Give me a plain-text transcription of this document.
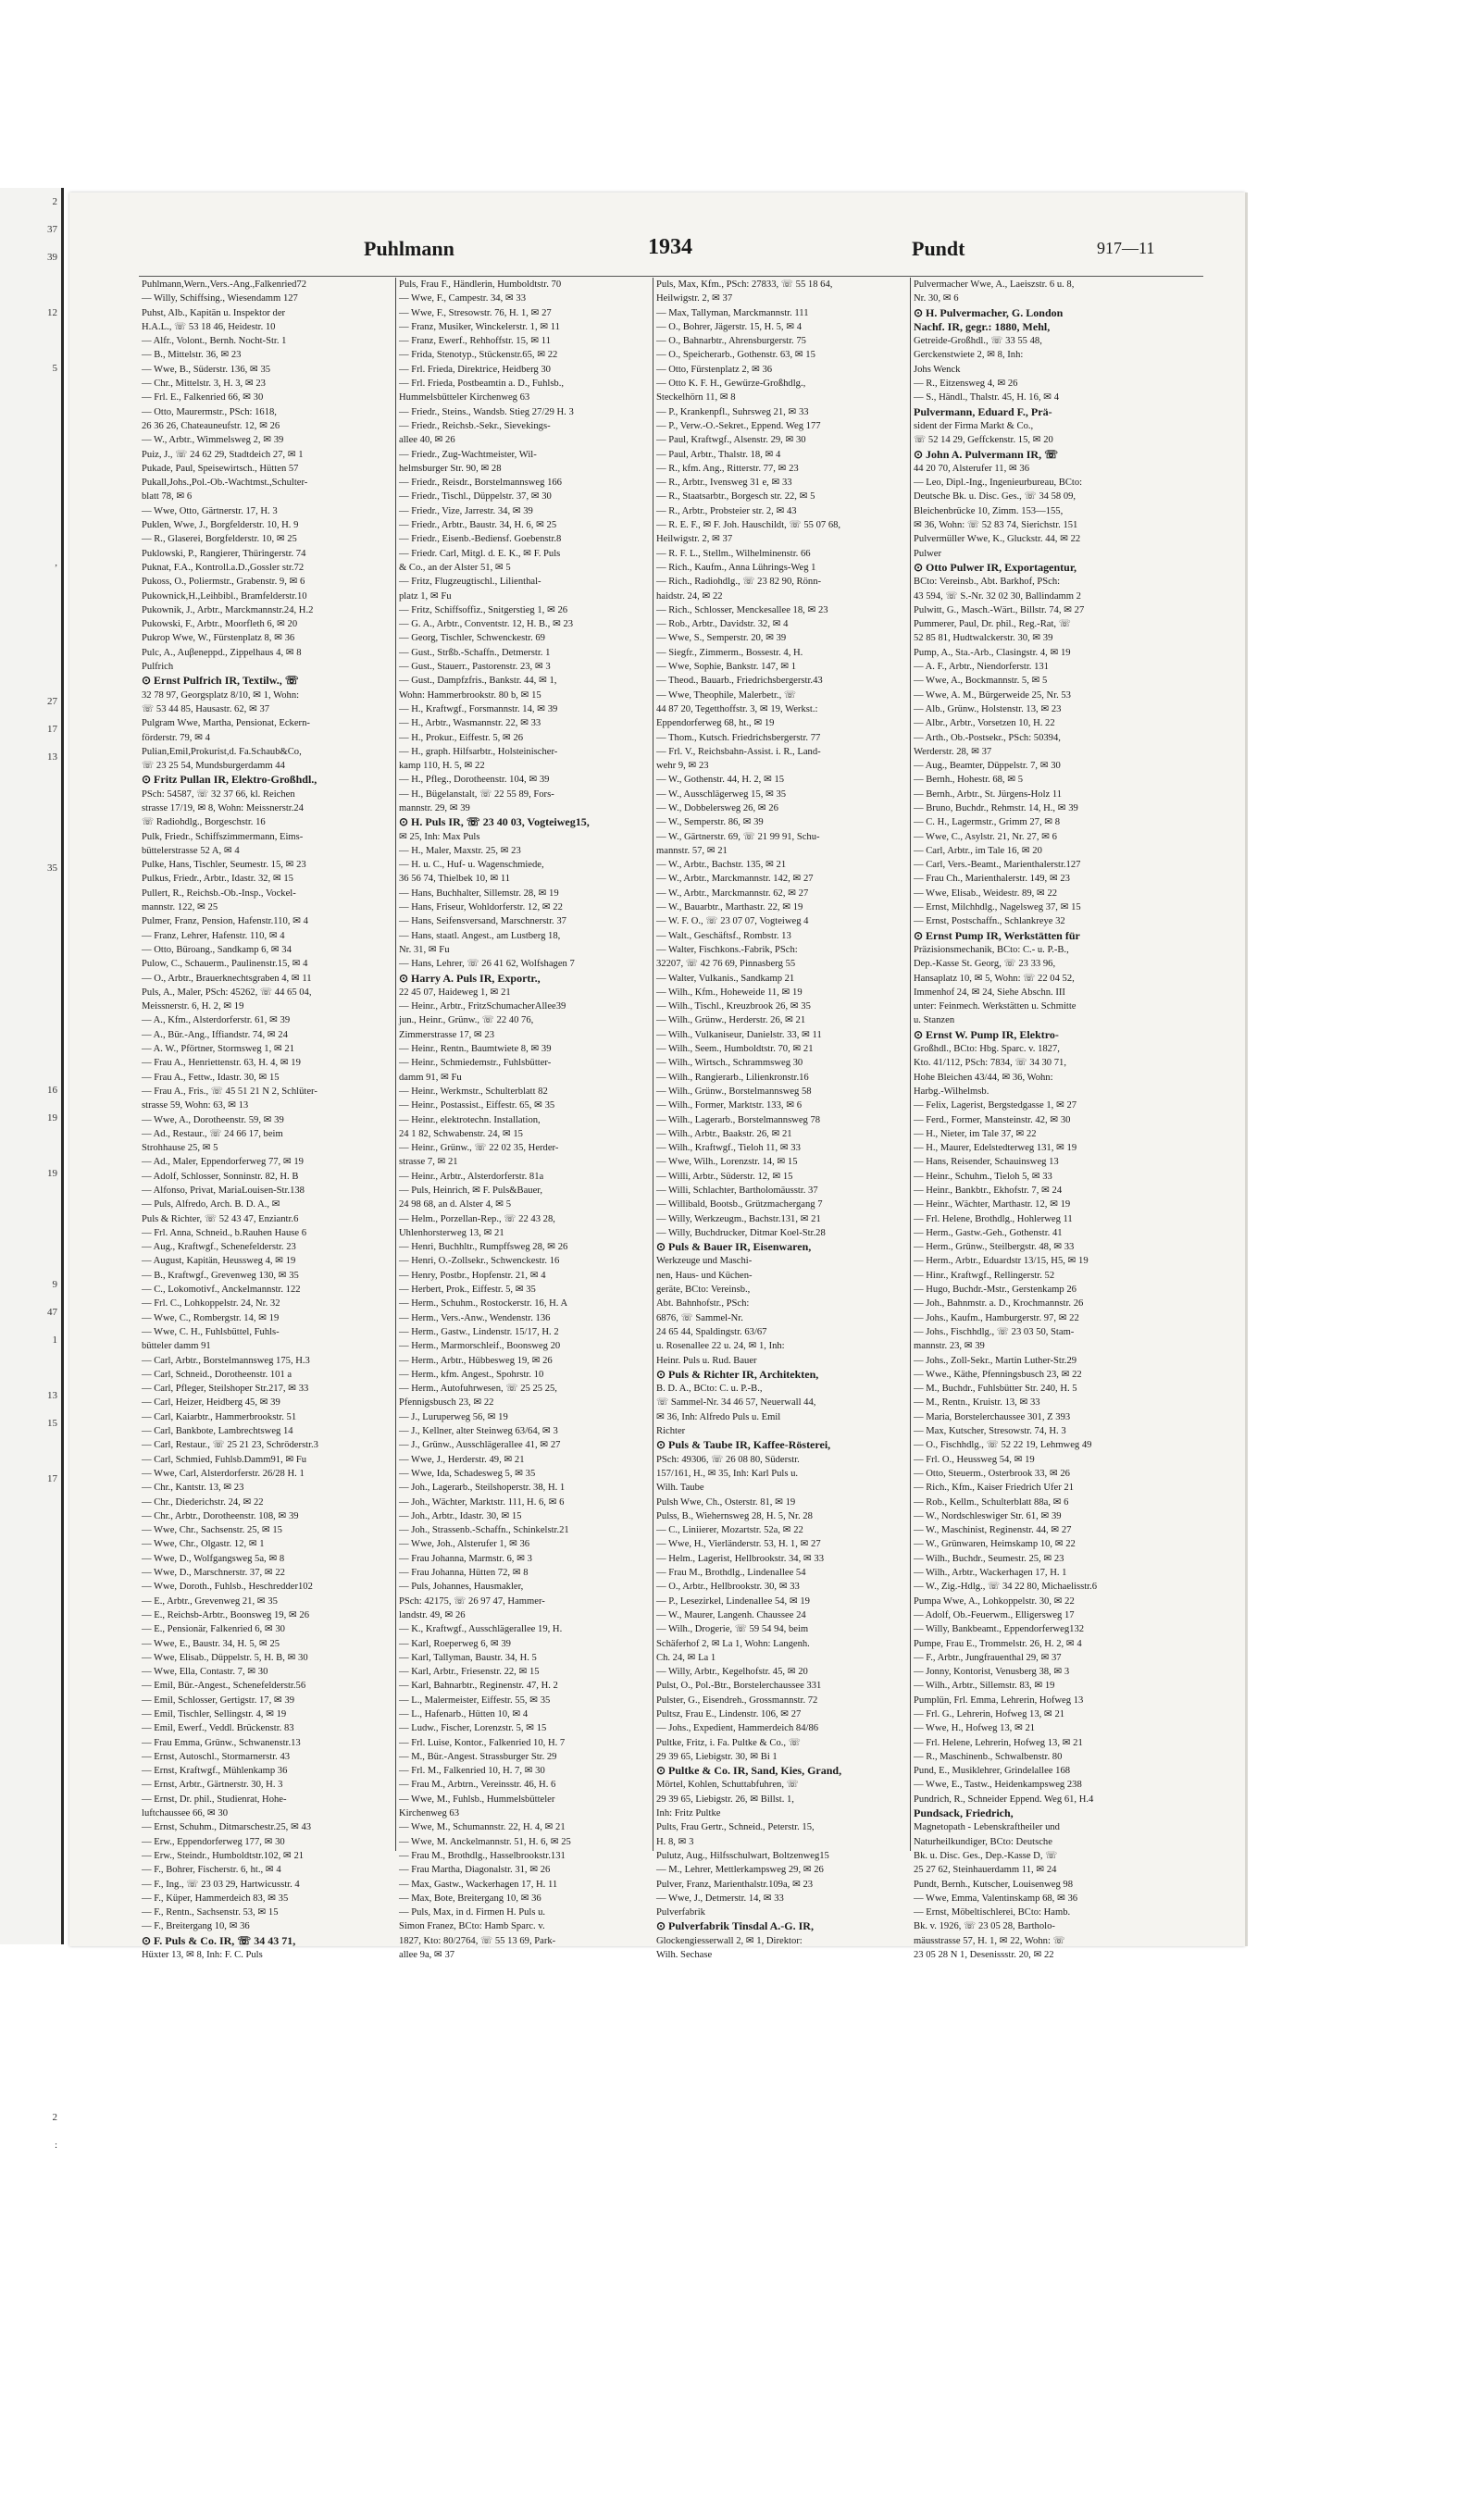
2
37
39

12

5

,

27
17
13

35

16
19

19

9
47
1

13
15

17

2
:

Puhlmann	1934	Pundt	917—11
Puhlmann,Wern.,Vers.-Ang.,Falkenried72
— Willy, Schiffsing., Wiesendamm 127
Puhst, Alb., Kapitän u. Inspektor der
H.A.L., ☏ 53 18 46, Heidestr. 10
— Alfr., Volont., Bernh. Nocht-Str. 1
— B., Mittelstr. 36, ✉ 23
— Wwe, B., Süderstr. 136, ✉ 35
— Chr., Mittelstr. 3, H. 3, ✉ 23
— Frl. E., Falkenried 66, ✉ 30
— Otto, Maurermstr., PSch: 1618,
26 36 26, Chateauneufstr. 12, ✉ 26
— W., Arbtr., Wimmelsweg 2, ✉ 39
Puiz, J., ☏ 24 62 29, Stadtdeich 27, ✉ 1
Pukade, Paul, Speisewirtsch., Hütten 57
Pukall,Johs.,Pol.-Ob.-Wachtmst.,Schulter-
blatt 78, ✉ 6
— Wwe, Otto, Gärtnerstr. 17, H. 3
Puklen, Wwe, J., Borgfelderstr. 10, H. 9
— R., Glaserei, Borgfelderstr. 10, ✉ 25
Puklowski, P., Rangierer, Thüringerstr. 74
Puknat, F.A., Kontroll.a.D.,Gossler str.72
Pukoss, O., Poliermstr., Grabenstr. 9, ✉ 6
Pukownick,H.,Leihbibl., Bramfelderstr.10
Pukownik, J., Arbtr., Marckmannstr.24, H.2
Pukowski, F., Arbtr., Moorfleth 6, ✉ 20
Pukrop Wwe, W., Fürstenplatz 8, ✉ 36
Pulc, A., Auβeneppd., Zippelhaus 4, ✉ 8
Pulfrich
⊙ Ernst Pulfrich IR, Textilw., ☏
32 78 97, Georgsplatz 8/10, ✉ 1, Wohn:
☏ 53 44 85, Hausastr. 62, ✉ 37
Pulgram Wwe, Martha, Pensionat, Eckern-
förderstr. 79, ✉ 4
Pulian,Emil,Prokurist,d. Fa.Schaub&Co,
☏ 23 25 54, Mundsburgerdamm 44
⊙ Fritz Pullan IR, Elektro-Großhdl.,
PSch: 54587, ☏ 32 37 66, kl. Reichen
strasse 17/19, ✉ 8, Wohn: Meissnerstr.24
☏ Radiohdlg., Borgeschstr. 16
Pulk, Friedr., Schiffszimmermann, Eims-
büttelerstrasse 52 A, ✉ 4
Pulke, Hans, Tischler, Seumestr. 15, ✉ 23
Pulkus, Friedr., Arbtr., Idastr. 32, ✉ 15
Pullert, R., Reichsb.-Ob.-Insp., Vockel-
mannstr. 122, ✉ 25
Pulmer, Franz, Pension, Hafenstr.110, ✉ 4
— Franz, Lehrer, Hafenstr. 110, ✉ 4
— Otto, Büroang., Sandkamp 6, ✉ 34
Pulow, C., Schauerm., Paulinenstr.15, ✉ 4
— O., Arbtr., Brauerknechtsgraben 4, ✉ 11
Puls, A., Maler, PSch: 45262, ☏ 44 65 04,
Meissnerstr. 6, H. 2, ✉ 19
— A., Kfm., Alsterdorferstr. 61, ✉ 39
— A., Bür.-Ang., Iffiandstr. 74, ✉ 24
— A. W., Pförtner, Stormsweg 1, ✉ 21
— Frau A., Henriettenstr. 63, H. 4, ✉ 19
— Frau A., Fettw., Idastr. 30, ✉ 15
— Frau A., Fris., ☏ 45 51 21 N 2, Schlüter-
strasse 59, Wohn: 63, ✉ 13
— Wwe, A., Dorotheenstr. 59, ✉ 39
— Ad., Restaur., ☏ 24 66 17, beim
Strohhause 25, ✉ 5
— Ad., Maler, Eppendorferweg 77, ✉ 19
— Adolf, Schlosser, Sonninstr. 82, H. B
— Alfonso, Privat, MariaLouisen-Str.138
— Puls, Alfredo, Arch. B. D. A., ✉
Puls & Richter, ☏ 52 43 47, Enziantr.6
— Frl. Anna, Schneid., b.Rauhen Hause 6
— Aug., Kraftwgf., Schenefelderstr. 23
— August, Kapitän, Heussweg 4, ✉ 19
— B., Kraftwgf., Grevenweg 130, ✉ 35
— C., Lokomotivf., Anckelmannstr. 122
— Frl. C., Lohkoppelstr. 24, Nr. 32
— Wwe, C., Rombergstr. 14, ✉ 19
— Wwe, C. H., Fuhlsbüttel, Fuhls-
bütteler damm 91
— Carl, Arbtr., Borstelmannsweg 175, H.3
— Carl, Schneid., Dorotheenstr. 101 a
— Carl, Pfleger, Steilshoper Str.217, ✉ 33
— Carl, Heizer, Heidberg 45, ✉ 39
— Carl, Kaiarbtr., Hammerbrookstr. 51
— Carl, Bankbote, Lambrechtsweg 14
— Carl, Restaur., ☏ 25 21 23, Schröderstr.3
— Carl, Schmied, Fuhlsb.Damm91, ✉ Fu
— Wwe, Carl, Alsterdorferstr. 26/28 H. 1
— Chr., Kantstr. 13, ✉ 23
— Chr., Diederichstr. 24, ✉ 22
— Chr., Arbtr., Dorotheenstr. 108, ✉ 39
— Wwe, Chr., Sachsenstr. 25, ✉ 15
— Wwe, Chr., Olgastr. 12, ✉ 1
— Wwe, D., Wolfgangsweg 5a, ✉ 8
— Wwe, D., Marschnerstr. 37, ✉ 22
— Wwe, Doroth., Fuhlsb., Heschredder102
— E., Arbtr., Grevenweg 21, ✉ 35
— E., Reichsb-Arbtr., Boonsweg 19, ✉ 26
— E., Pensionär, Falkenried 6, ✉ 30
— Wwe, E., Baustr. 34, H. 5, ✉ 25
— Wwe, Elisab., Düppelstr. 5, H. B, ✉ 30
— Wwe, Ella, Contastr. 7, ✉ 30
— Emil, Bür.-Angest., Schenefelderstr.56
— Emil, Schlosser, Gertigstr. 17, ✉ 39
— Emil, Tischler, Sellingstr. 4, ✉ 19
— Emil, Ewerf., Veddl. Brückenstr. 83
— Frau Emma, Grünw., Schwanenstr.13
— Ernst, Autoschl., Stormarnerstr. 43
— Ernst, Kraftwgf., Mühlenkamp 36
— Ernst, Arbtr., Gärtnerstr. 30, H. 3
— Ernst, Dr. phil., Studienrat, Hohe-
luftchaussee 66, ✉ 30
— Ernst, Schuhm., Ditmarschestr.25, ✉ 43
— Erw., Eppendorferweg 177, ✉ 30
— Erw., Steindr., Humboldtstr.102, ✉ 21
— F., Bohrer, Fischerstr. 6, ht., ✉ 4
— F., Ing., ☏ 23 03 29, Hartwicusstr. 4
— F., Küper, Hammerdeich 83, ✉ 35
— F., Rentn., Sachsenstr. 53, ✉ 15
— F., Breitergang 10, ✉ 36
⊙ F. Puls & Co. IR, ☏ 34 43 71,
Hüxter 13, ✉ 8, Inh: F. C. Puls
Puls, Frau F., Händlerin, Humboldtstr. 70
— Wwe, F., Campestr. 34, ✉ 33
— Wwe, F., Stresowstr. 76, H. 1, ✉ 27
— Franz, Musiker, Winckelerstr. 1, ✉ 11
— Franz, Ewerf., Rehhoffstr. 15, ✉ 11
— Frida, Stenotyp., Stückenstr.65, ✉ 22
— Frl. Frieda, Direktrice, Heidberg 30
— Frl. Frieda, Postbeamtin a. D., Fuhlsb.,
Hummelsbütteler Kirchenweg 63
— Friedr., Steins., Wandsb. Stieg 27/29 H. 3
— Friedr., Reichsb.-Sekr., Sievekings-
allee 40, ✉ 26
— Friedr., Zug-Wachtmeister, Wil-
helmsburger Str. 90, ✉ 28
— Friedr., Reisdr., Borstelmannsweg 166
— Friedr., Tischl., Düppelstr. 37, ✉ 30
— Friedr., Vize, Jarrestr. 34, ✉ 39
— Friedr., Arbtr., Baustr. 34, H. 6, ✉ 25
— Friedr., Eisenb.-Bediensf. Goebenstr.8
— Friedr. Carl, Mitgl. d. E. K., ✉ F. Puls
& Co., an der Alster 51, ✉ 5
— Fritz, Flugzeugtischl., Lilienthal-
platz 1, ✉ Fu
— Fritz, Schiffsoffiz., Snitgerstieg 1, ✉ 26
— G. A., Arbtr., Conventstr. 12, H. B., ✉ 23
— Georg, Tischler, Schwenckestr. 69
— Gust., Strßb.-Schaffn., Detmerstr. 1
— Gust., Stauerr., Pastorenstr. 23, ✉ 3
— Gust., Dampfzfris., Bankstr. 44, ✉ 1,
Wohn: Hammerbrookstr. 80 b, ✉ 15
— H., Kraftwgf., Forsmannstr. 14, ✉ 39
— H., Arbtr., Wasmannstr. 22, ✉ 33
— H., Prokur., Eiffestr. 5, ✉ 26
— H., graph. Hilfsarbtr., Holsteinischer-
kamp 110, H. 5, ✉ 22
— H., Pfleg., Dorotheenstr. 104, ✉ 39
— H., Bügelanstalt, ☏ 22 55 89, Fors-
mannstr. 29, ✉ 39
⊙ H. Puls IR, ☏ 23 40 03, Vogteiweg15,
✉ 25, Inh: Max Puls
— H., Maler, Maxstr. 25, ✉ 23
— H. u. C., Huf- u. Wagenschmiede,
36 56 74, Thielbek 10, ✉ 11
— Hans, Buchhalter, Sillemstr. 28, ✉ 19
— Hans, Friseur, Wohldorferstr. 12, ✉ 22
— Hans, Seifensversand, Marschnerstr. 37
— Hans, staatl. Angest., am Lustberg 18,
Nr. 31, ✉ Fu
— Hans, Lehrer, ☏ 26 41 62, Wolfshagen 7
⊙ Harry A. Puls IR, Exportr.,
22 45 07, Haideweg 1, ✉ 21
— Heinr., Arbtr., FritzSchumacherAllee39
jun., Heinr., Grünw., ☏ 22 40 76,
Zimmerstrasse 17, ✉ 23
— Heinr., Rentn., Baumtwiete 8, ✉ 39
— Heinr., Schmiedemstr., Fuhlsbütter-
damm 91, ✉ Fu
— Heinr., Werkmstr., Schulterblatt 82
— Heinr., Postassist., Eiffestr. 65, ✉ 35
— Heinr., elektrotechn. Installation,
24 1 82, Schwabenstr. 24, ✉ 15
— Heinr., Grünw., ☏ 22 02 35, Herder-
strasse 7, ✉ 21
— Heinr., Arbtr., Alsterdorferstr. 81a
— Puls, Heinrich, ✉ F. Puls&Bauer,
24 98 68, an d. Alster 4, ✉ 5
— Helm., Porzellan-Rep., ☏ 22 43 28,
Uhlenhorsterweg 13, ✉ 21
— Henri, Buchhltr., Rumpffsweg 28, ✉ 26
— Henri, O.-Zollsekr., Schwenckestr. 16
— Henry, Postbr., Hopfenstr. 21, ✉ 4
— Herbert, Prok., Eiffestr. 5, ✉ 35
— Herm., Schuhm., Rostockerstr. 16, H. A
— Herm., Vers.-Anw., Wendenstr. 136
— Herm., Gastw., Lindenstr. 15/17, H. 2
— Herm., Marmorschleif., Boonsweg 20
— Herm., Arbtr., Hübbesweg 19, ✉ 26
— Herm., kfm. Angest., Spohrstr. 10
— Herm., Autofuhrwesen, ☏ 25 25 25,
Pfennigsbusch 23, ✉ 22
— J., Luruperweg 56, ✉ 19
— J., Kellner, alter Steinweg 63/64, ✉ 3
— J., Grünw., Ausschlägerallee 41, ✉ 27
— Wwe, J., Herderstr. 49, ✉ 21
— Wwe, Ida, Schadesweg 5, ✉ 35
— Joh., Lagerarb., Steilshoperstr. 38, H. 1
— Joh., Wächter, Marktstr. 111, H. 6, ✉ 6
— Joh., Arbtr., Idastr. 30, ✉ 15
— Joh., Strassenb.-Schaffn., Schinkelstr.21
— Wwe, Joh., Alsterufer 1, ✉ 36
— Frau Johanna, Marmstr. 6, ✉ 3
— Frau Johanna, Hütten 72, ✉ 8
— Puls, Johannes, Hausmakler,
PSch: 42175, ☏ 26 97 47, Hammer-
landstr. 49, ✉ 26
— K., Kraftwgf., Ausschlägerallee 19, H.
— Karl, Roeperweg 6, ✉ 39
— Karl, Tallyman, Baustr. 34, H. 5
— Karl, Arbtr., Friesenstr. 22, ✉ 15
— Karl, Bahnarbtr., Reginenstr. 47, H. 2
— L., Malermeister, Eiffestr. 55, ✉ 35
— L., Hafenarb., Hütten 10, ✉ 4
— Ludw., Fischer, Lorenzstr. 5, ✉ 15
— Frl. Luise, Kontor., Falkenried 10, H. 7
— M., Bür.-Angest. Strassburger Str. 29
— Frl. M., Falkenried 10, H. 7, ✉ 30
— Frau M., Arbtrn., Vereinsstr. 46, H. 6
— Wwe, M., Fuhlsb., Hummelsbütteler
Kirchenweg 63
— Wwe, M., Schumannstr. 22, H. 4, ✉ 21
— Wwe, M. Anckelmannstr. 51, H. 6, ✉ 25
— Frau M., Brothdlg., Hasselbrookstr.131
— Frau Martha, Diagonalstr. 31, ✉ 26
— Max, Gastw., Wackerhagen 17, H. 11
— Max, Bote, Breitergang 10, ✉ 36
— Puls, Max, in d. Firmen H. Puls u.
Simon Franez, BCto: Hamb Sparc. v.
1827, Kto: 80/2764, ☏ 55 13 69, Park-
allee 9a, ✉ 37
Puls, Max, Kfm., PSch: 27833, ☏ 55 18 64,
Heilwigstr. 2, ✉ 37
— Max, Tallyman, Marckmannstr. 111
— O., Bohrer, Jägerstr. 15, H. 5, ✉ 4
— O., Bahnarbtr., Ahrensburgerstr. 75
— O., Speicherarb., Gothenstr. 63, ✉ 15
— Otto, Fürstenplatz 2, ✉ 36
— Otto K. F. H., Gewürze-Großhdlg.,
Steckelhörn 11, ✉ 8
— P., Krankenpfl., Suhrsweg 21, ✉ 33
— P., Verw.-O.-Sekret., Eppend. Weg 177
— Paul, Kraftwgf., Alsenstr. 29, ✉ 30
— Paul, Arbtr., Thalstr. 18, ✉ 4
— R., kfm. Ang., Ritterstr. 77, ✉ 23
— R., Arbtr., Ivensweg 31 e, ✉ 33
— R., Staatsarbtr., Borgesch str. 22, ✉ 5
— R., Arbtr., Probsteier str. 2, ✉ 43
— R. E. F., ✉ F. Joh. Hauschildt, ☏ 55 07 68,
Heilwigstr. 2, ✉ 37
— R. F. L., Stellm., Wilhelminenstr. 66
— Rich., Kaufm., Anna Lührings-Weg 1
— Rich., Radiohdlg., ☏ 23 82 90, Rönn-
haidstr. 24, ✉ 22
— Rich., Schlosser, Menckesallee 18, ✉ 23
— Rob., Arbtr., Davidstr. 32, ✉ 4
— Wwe, S., Semperstr. 20, ✉ 39
— Siegfr., Zimmerm., Bossestr. 4, H.
— Wwe, Sophie, Bankstr. 147, ✉ 1
— Theod., Bauarb., Friedrichsbergerstr.43
— Wwe, Theophile, Malerbetr., ☏
44 87 20, Tegetthoffstr. 3, ✉ 19, Werkst.:
Eppendorferweg 68, ht., ✉ 19
— Thom., Kutsch. Friedrichsbergerstr. 77
— Frl. V., Reichsbahn-Assist. i. R., Land-
wehr 9, ✉ 23
— W., Gothenstr. 44, H. 2, ✉ 15
— W., Ausschlägerweg 15, ✉ 35
— W., Dobbelersweg 26, ✉ 26
— W., Semperstr. 86, ✉ 39
— W., Gärtnerstr. 69, ☏ 21 99 91, Schu-
mannstr. 57, ✉ 21
— W., Arbtr., Bachstr. 135, ✉ 21
— W., Arbtr., Marckmannstr. 142, ✉ 27
— W., Arbtr., Marckmannstr. 62, ✉ 27
— W., Bauarbtr., Marthastr. 22, ✉ 19
— W. F. O., ☏ 23 07 07, Vogteiweg 4
— Walt., Geschäftsf., Rombstr. 13
— Walter, Fischkons.-Fabrik, PSch:
32207, ☏ 42 76 69, Pinnasberg 55
— Walter, Vulkanis., Sandkamp 21
— Wilh., Kfm., Hoheweide 11, ✉ 19
— Wilh., Tischl., Kreuzbrook 26, ✉ 35
— Wilh., Grünw., Herderstr. 26, ✉ 21
— Wilh., Vulkaniseur, Danielstr. 33, ✉ 11
— Wilh., Seem., Humboldtstr. 70, ✉ 21
— Wilh., Wirtsch., Schrammsweg 30
— Wilh., Rangierarb., Lilienkronstr.16
— Wilh., Grünw., Borstelmannsweg 58
— Wilh., Former, Marktstr. 133, ✉ 6
— Wilh., Lagerarb., Borstelmannsweg 78
— Wilh., Arbtr., Baakstr. 26, ✉ 21
— Wilh., Kraftwgf., Tieloh 11, ✉ 33
— Wwe, Wilh., Lorenzstr. 14, ✉ 15
— Willi, Arbtr., Süderstr. 12, ✉ 15
— Willi, Schlachter, Bartholomäusstr. 37
— Willibald, Bootsb., Grützmachergang 7
— Willy, Werkzeugm., Bachstr.131, ✉ 21
— Willy, Buchdrucker, Ditmar Koel-Str.28
⊙ Puls & Bauer IR, Eisenwaren,
Werkzeuge und Maschi-
nen, Haus- und Küchen-
geräte, BCto: Vereinsb.,
Abt. Bahnhofstr., PSch:
6876, ☏ Sammel-Nr.
24 65 44, Spaldingstr. 63/67
u. Rosenallee 22 u. 24, ✉ 1, Inh:
Heinr. Puls u. Rud. Bauer
⊙ Puls & Richter IR, Architekten,
B. D. A., BCto: C. u. P.-B.,
☏ Sammel-Nr. 34 46 57, Neuerwall 44,
✉ 36, Inh: Alfredo Puls u. Emil
Richter
⊙ Puls & Taube IR, Kaffee-Rösterei,
PSch: 49306, ☏ 26 08 80, Süderstr.
157/161, H., ✉ 35, Inh: Karl Puls u.
Wilh. Taube
Pulsh Wwe, Ch., Osterstr. 81, ✉ 19
Pulss, B., Wiehernsweg 28, H. 5, Nr. 28
— C., Liniierer, Mozartstr. 52a, ✉ 22
— Wwe, H., Vierländerstr. 53, H. 1, ✉ 27
— Helm., Lagerist, Hellbrookstr. 34, ✉ 33
— Frau M., Brothdlg., Lindenallee 54
— O., Arbtr., Hellbrookstr. 30, ✉ 33
— P., Lesezirkel, Lindenallee 54, ✉ 19
— W., Maurer, Langenh. Chaussee 24
— Wilh., Drogerie, ☏ 59 54 94, beim
Schäferhof 2, ✉ La 1, Wohn: Langenh.
Ch. 24, ✉ La 1
— Willy, Arbtr., Kegelhofstr. 45, ✉ 20
Pulst, O., Pol.-Btr., Borstelerchaussee 331
Pulster, G., Eisendreh., Grossmannstr. 72
Pultsz, Frau E., Lindenstr. 106, ✉ 27
— Johs., Expedient, Hammerdeich 84/86
Pultke, Fritz, i. Fa. Pultke & Co., ☏
29 39 65, Liebigstr. 30, ✉ Bi 1
⊙ Pultke & Co. IR, Sand, Kies, Grand,
Mörtel, Kohlen, Schuttabfuhren, ☏
29 39 65, Liebigstr. 26, ✉ Billst. 1,
Inh: Fritz Pultke
Pults, Frau Gertr., Schneid., Peterstr. 15,
H. 8, ✉ 3
Pulutz, Aug., Hilfsschulwart, Boltzenweg15
— M., Lehrer, Mettlerkampsweg 29, ✉ 26
Pulver, Franz, Marienthalstr.109a, ✉ 23
— Wwe, J., Detmerstr. 14, ✉ 33
Pulverfabrik
⊙ Pulverfabrik Tinsdal A.-G. IR,
Glockengiesserwall 2, ✉ 1, Direktor:
Wilh. Sechase
Pulvermacher Wwe, A., Laeiszstr. 6 u. 8,
Nr. 30, ✉ 6
⊙ H. Pulvermacher, G. London
Nachf. IR, gegr.: 1880, Mehl,
Getreide-Großhdl., ☏ 33 55 48,
Gerckenstwiete 2, ✉ 8, Inh:
Johs Wenck
— R., Eitzensweg 4, ✉ 26
— S., Händl., Thalstr. 45, H. 16, ✉ 4
Pulvermann, Eduard F., Prä-
sident der Firma Markt & Co.,
☏ 52 14 29, Geffckenstr. 15, ✉ 20
⊙ John A. Pulvermann IR, ☏
44 20 70, Alsterufer 11, ✉ 36
— Leo, Dipl.-Ing., Ingenieurbureau, BCto:
Deutsche Bk. u. Disc. Ges., ☏ 34 58 09,
Bleichenbrücke 10, Zimm. 153—155,
✉ 36, Wohn: ☏ 52 83 74, Sierichstr. 151
Pulvermüller Wwe, K., Gluckstr. 44, ✉ 22
Pulwer
⊙ Otto Pulwer IR, Exportagentur,
BCto: Vereinsb., Abt. Barkhof, PSch:
43 594, ☏ S.-Nr. 32 02 30, Ballindamm 2
Pulwitt, G., Masch.-Wärt., Billstr. 74, ✉ 27
Pummerer, Paul, Dr. phil., Reg.-Rat, ☏
52 85 81, Hudtwalckerstr. 30, ✉ 39
Pump, A., Sta.-Arb., Clasingstr. 4, ✉ 19
— A. F., Arbtr., Niendorferstr. 131
— Wwe, A., Bockmannstr. 5, ✉ 5
— Wwe, A. M., Bürgerweide 25, Nr. 53
— Alb., Grünw., Holstenstr. 13, ✉ 23
— Albr., Arbtr., Vorsetzen 10, H. 22
— Arth., Ob.-Postsekr., PSch: 50394,
Werderstr. 28, ✉ 37
— Aug., Beamter, Düppelstr. 7, ✉ 30
— Bernh., Hohestr. 68, ✉ 5
— Bernh., Arbtr., St. Jürgens-Holz 11
— Bruno, Buchdr., Rehmstr. 14, H., ✉ 39
— C. H., Lagermstr., Grimm 27, ✉ 8
— Wwe, C., Asylstr. 21, Nr. 27, ✉ 6
— Carl, Arbtr., im Tale 16, ✉ 20
— Carl, Vers.-Beamt., Marienthalerstr.127
— Frau Ch., Marienthalerstr. 149, ✉ 23
— Wwe, Elisab., Weidestr. 89, ✉ 22
— Ernst, Milchhdlg., Nagelsweg 37, ✉ 15
— Ernst, Postschaffn., Schlankreye 32
⊙ Ernst Pump IR, Werkstätten für
Präzisionsmechanik, BCto: C.- u. P.-B.,
Dep.-Kasse St. Georg, ☏ 23 33 96,
Hansaplatz 10, ✉ 5, Wohn: ☏ 22 04 52,
Immenhof 24, ✉ 24, Siehe Abschn. III
unter: Feinmech. Werkstätten u. Schmitte
u. Stanzen
⊙ Ernst W. Pump IR, Elektro-
Großhdl., BCto: Hbg. Sparc. v. 1827,
Kto. 41/112, PSch: 7834, ☏ 34 30 71,
Hohe Bleichen 43/44, ✉ 36, Wohn:
Harbg.-Wilhelmsb.
— Felix, Lagerist, Bergstedgasse 1, ✉ 27
— Ferd., Former, Mansteinstr. 42, ✉ 30
— H., Nieter, im Tale 37, ✉ 22
— H., Maurer, Edelstedterweg 131, ✉ 19
— Hans, Reisender, Schauinsweg 13
— Heinr., Schuhm., Tieloh 5, ✉ 33
— Heinr., Bankbtr., Ekhofstr. 7, ✉ 24
— Heinr., Wächter, Marthastr. 12, ✉ 19
— Frl. Helene, Brothdlg., Hohlerweg 11
— Herm., Gastw.-Geh., Gothenstr. 41
— Herm., Grünw., Steilbergstr. 48, ✉ 33
— Herm., Arbtr., Eduardstr 13/15, H5, ✉ 19
— Hinr., Kraftwgf., Rellingerstr. 52
— Hugo, Buchdr.-Mstr., Gerstenkamp 26
— Joh., Bahnmstr. a. D., Krochmannstr. 26
— Johs., Kaufm., Hamburgerstr. 97, ✉ 22
— Johs., Fischhdlg., ☏ 23 03 50, Stam-
mannstr. 23, ✉ 39
— Johs., Zoll-Sekr., Martin Luther-Str.29
— Wwe., Käthe, Pfenningsbusch 23, ✉ 22
— M., Buchdr., Fuhlsbütter Str. 240, H. 5
— M., Rentn., Kruistr. 13, ✉ 33
— Maria, Borstelerchaussee 301, Z 393
— Max, Kutscher, Stresowstr. 74, H. 3
— O., Fischhdlg., ☏ 52 22 19, Lehmweg 49
— Frl. O., Heussweg 54, ✉ 19
— Otto, Steuerm., Osterbrook 33, ✉ 26
— Rich., Kfm., Kaiser Friedrich Ufer 21
— Rob., Kellm., Schulterblatt 88a, ✉ 6
— W., Nordschleswiger Str. 61, ✉ 39
— W., Maschinist, Reginenstr. 44, ✉ 27
— W., Grünwaren, Heimskamp 10, ✉ 22
— Wilh., Buchdr., Seumestr. 25, ✉ 23
— Wilh., Arbtr., Wackerhagen 17, H. 1
— W., Zig.-Hdlg., ☏ 34 22 80, Michaelisstr.6
Pumpa Wwe, A., Lohkoppelstr. 30, ✉ 22
— Adolf, Ob.-Feuerwm., Elligersweg 17
— Willy, Bankbeamt., Eppendorferweg132
Pumpe, Frau E., Trommelstr. 26, H. 2, ✉ 4
— F., Arbtr., Jungfrauenthal 29, ✉ 37
— Jonny, Kontorist, Venusberg 38, ✉ 3
— Wilh., Arbtr., Sillemstr. 83, ✉ 19
Pumplün, Frl. Emma, Lehrerin, Hofweg 13
— Frl. G., Lehrerin, Hofweg 13, ✉ 21
— Wwe, H., Hofweg 13, ✉ 21
— Frl. Helene, Lehrerin, Hofweg 13, ✉ 21
— R., Maschinenb., Schwalbenstr. 80
Pund, E., Musiklehrer, Grindelallee 168
— Wwe, E., Tastw., Heidenkampsweg 238
Pundrich, R., Schneider Eppend. Weg 61, H.4
Pundsack, Friedrich,
Magnetopath - Lebenskraftheiler und
Naturheilkundiger, BCto: Deutsche
Bk. u. Disc. Ges., Dep.-Kasse D, ☏
25 27 62, Steinhauerdamm 11, ✉ 24
Pundt, Bernh., Kutscher, Louisenweg 98
— Wwe, Emma, Valentinskamp 68, ✉ 36
— Ernst, Möbeltischlerei, BCto: Hamb.
Bk. v. 1926, ☏ 23 05 28, Bartholo-
mäusstrasse 57, H. 1, ✉ 22, Wohn: ☏
23 05 28 N 1, Desenissstr. 20, ✉ 22
